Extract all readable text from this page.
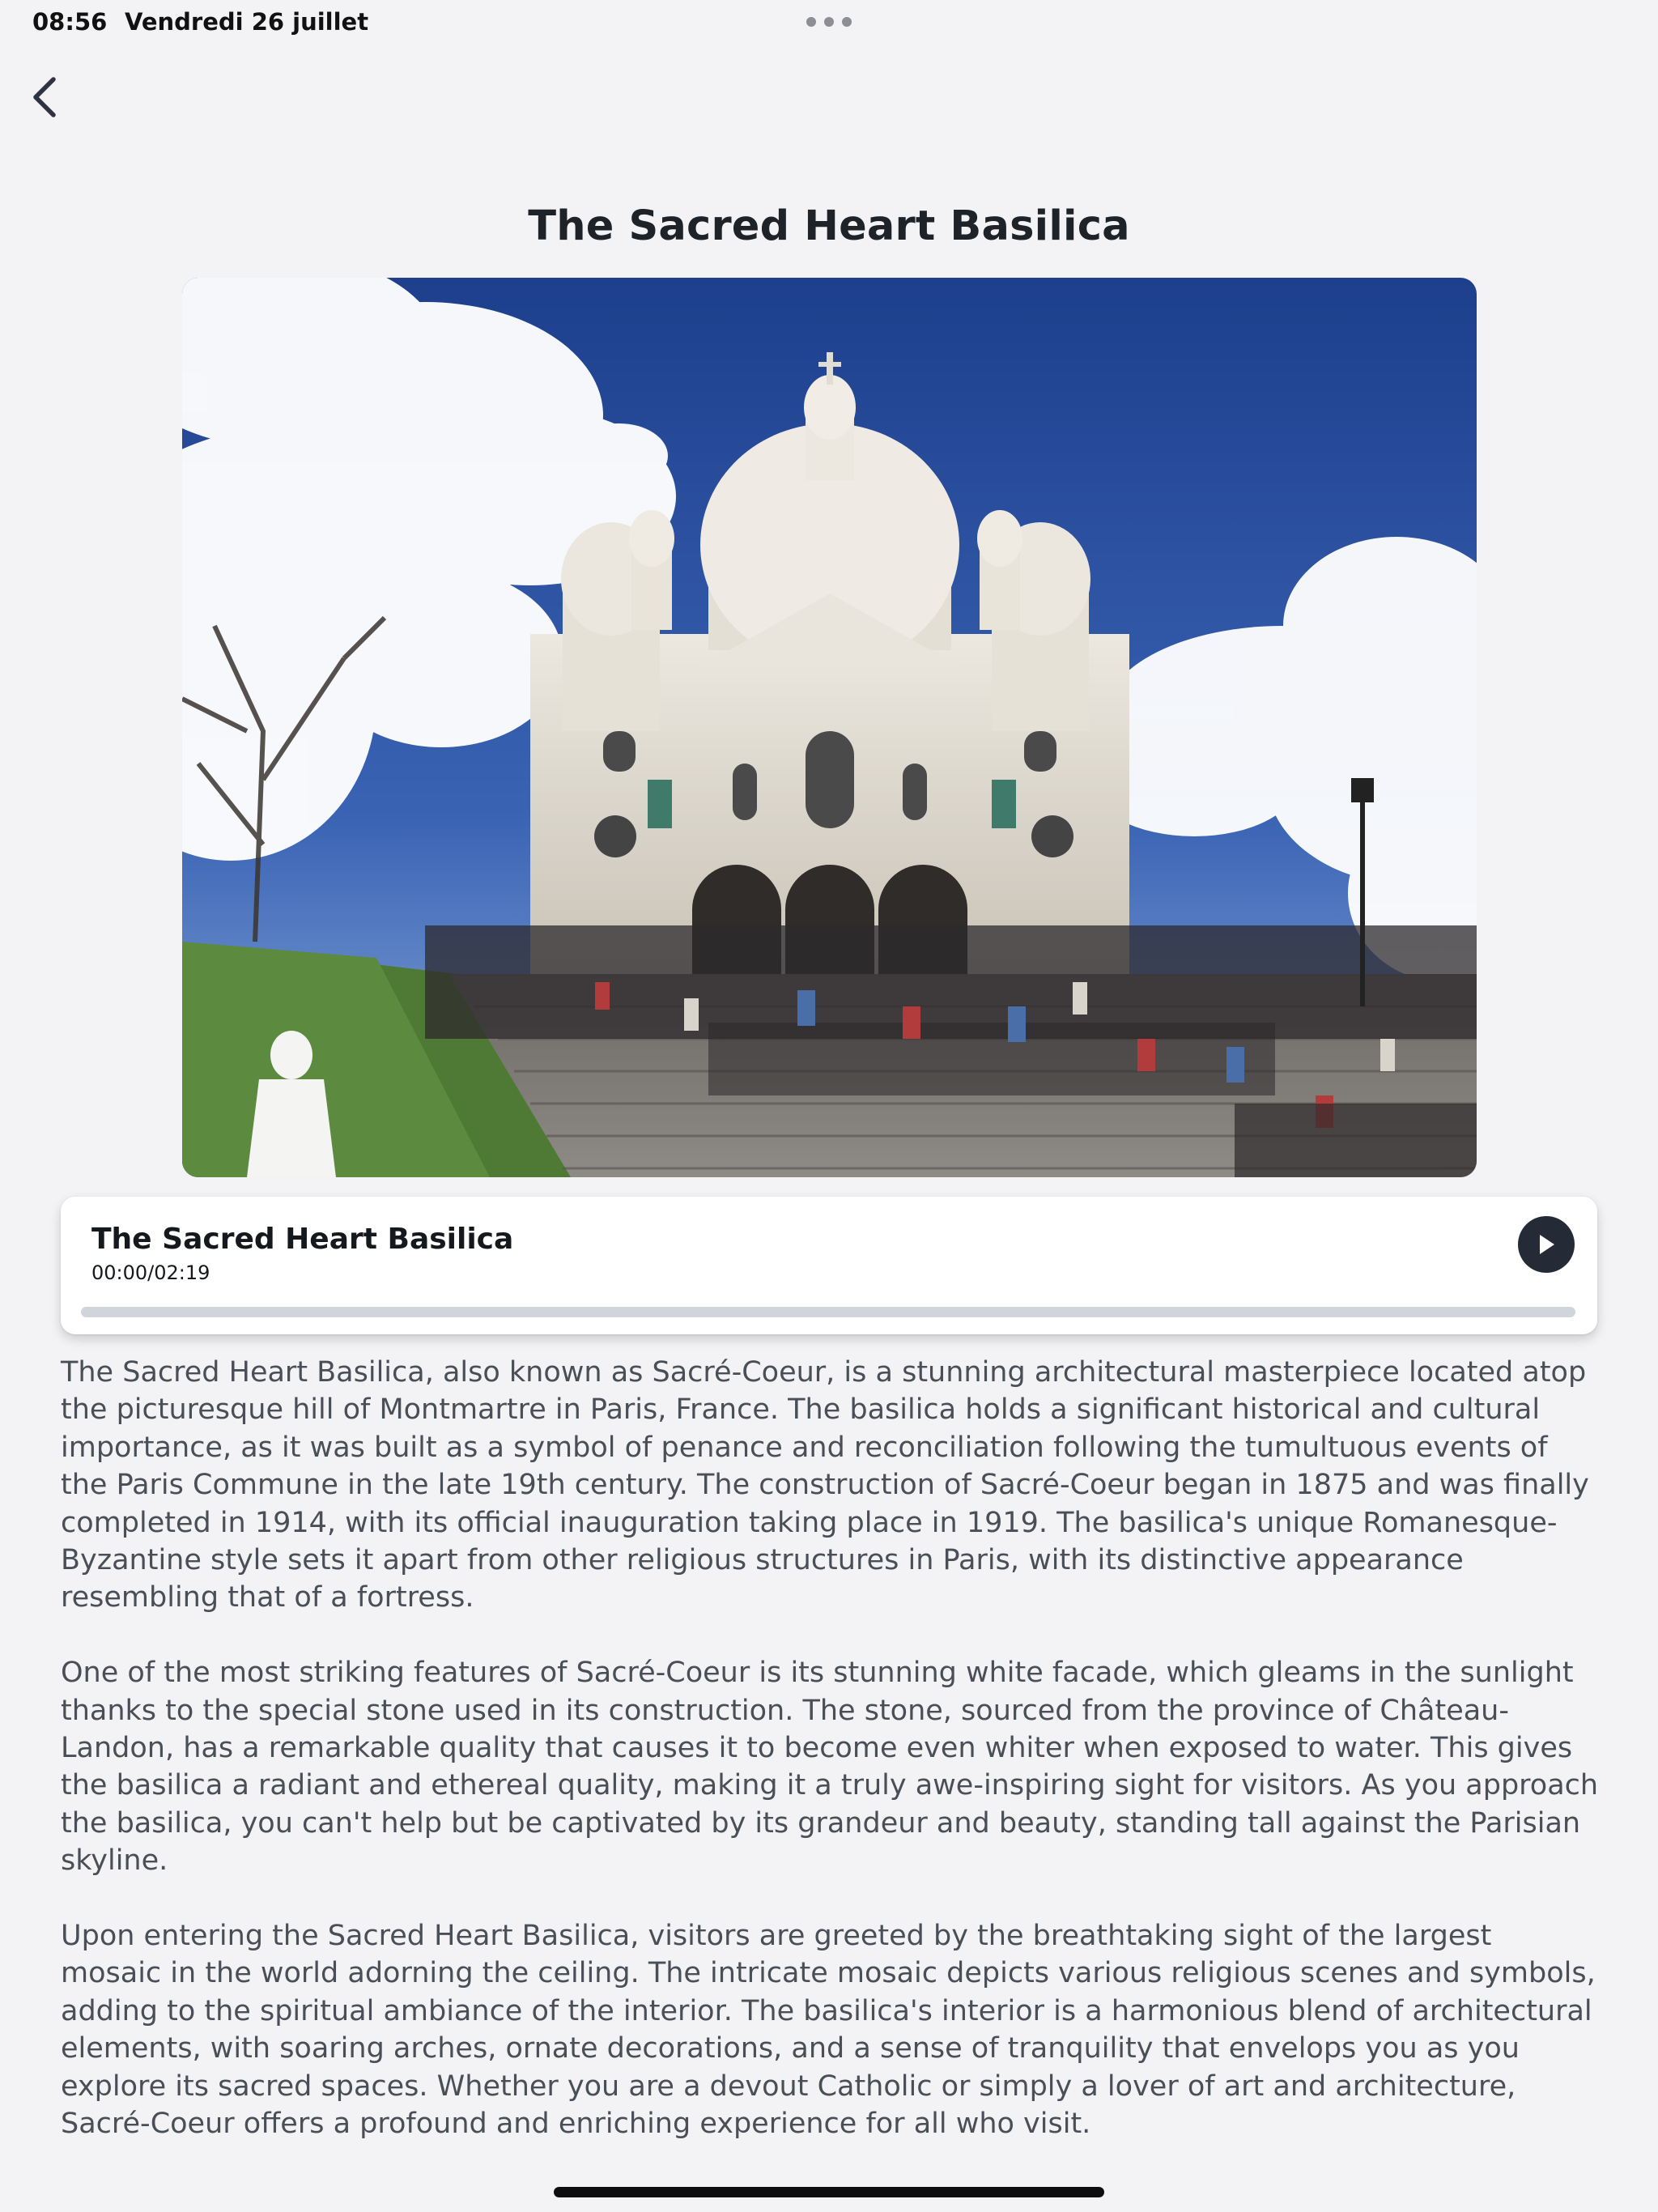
08:56 Vendredi 26 juillet
The Sacred Heart Basilica
The Sacred Heart Basilica
00:00/02:19

The Sacred Heart Basilica, also known as Sacré-Coeur, is a stunning architectural masterpiece located atop the picturesque hill of Montmartre in Paris, France. The basilica holds a significant historical and cultural importance, as it was built as a symbol of penance and reconciliation following the tumultuous events of the Paris Commune in the late 19th century. The construction of Sacré-Coeur began in 1875 and was finally completed in 1914, with its official inauguration taking place in 1919. The basilica's unique Romanesque-Byzantine style sets it apart from other religious structures in Paris, with its distinctive appearance resembling that of a fortress.

One of the most striking features of Sacré-Coeur is its stunning white facade, which gleams in the sunlight thanks to the special stone used in its construction. The stone, sourced from the province of Château-Landon, has a remarkable quality that causes it to become even whiter when exposed to water. This gives the basilica a radiant and ethereal quality, making it a truly awe-inspiring sight for visitors. As you approach the basilica, you can't help but be captivated by its grandeur and beauty, standing tall against the Parisian skyline.

Upon entering the Sacred Heart Basilica, visitors are greeted by the breathtaking sight of the largest mosaic in the world adorning the ceiling. The intricate mosaic depicts various religious scenes and symbols, adding to the spiritual ambiance of the interior. The basilica's interior is a harmonious blend of architectural elements, with soaring arches, ornate decorations, and a sense of tranquility that envelops you as you explore its sacred spaces. Whether you are a devout Catholic or simply a lover of art and architecture, Sacré-Coeur offers a profound and enriching experience for all who visit.
